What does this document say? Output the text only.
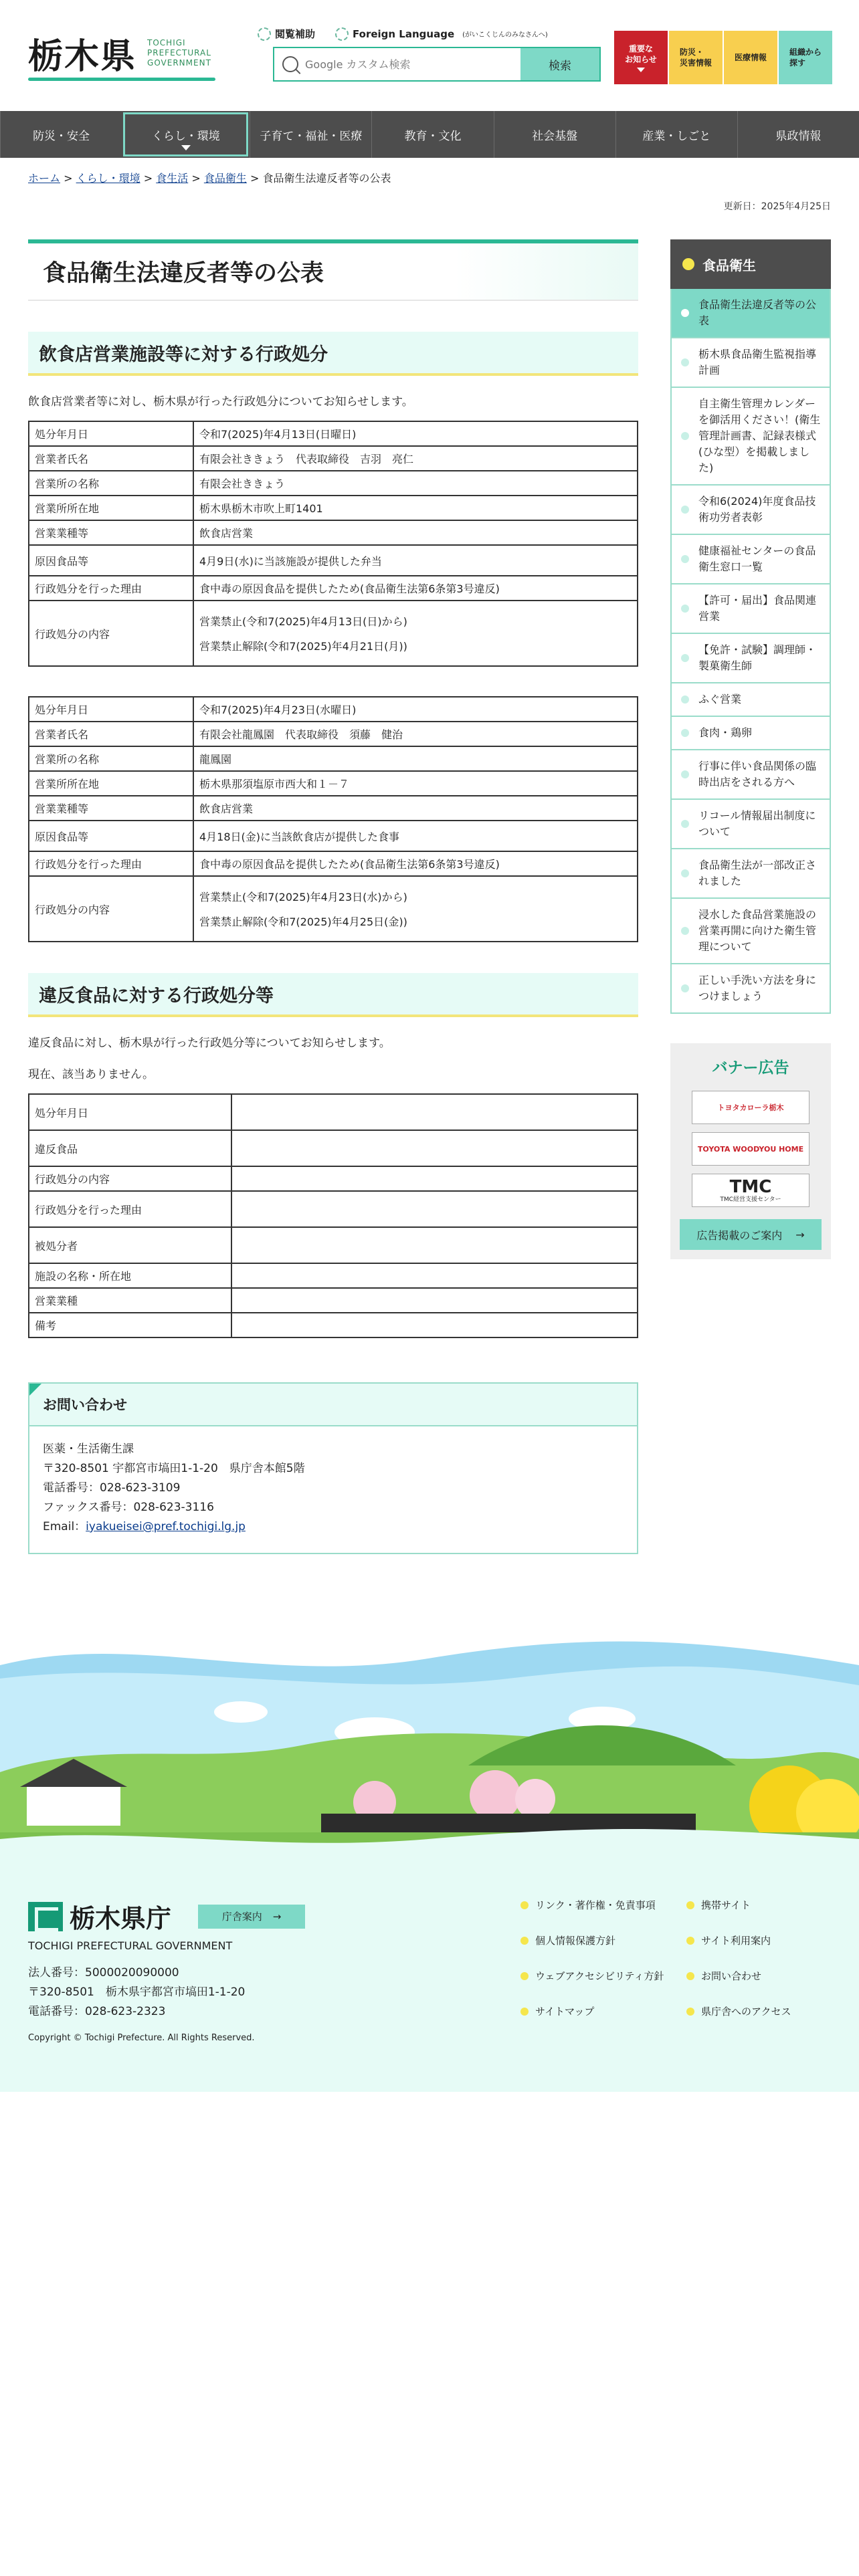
栃木県 TOCHIGI
PREFECTURAL
GOVERNMENT
閲覧補助	Foreign Language (がいこくじんのみなさんへ)
Google カスタム検索
検索
重要な
お知らせ
防災・
災害情報
医療情報
組織から
探す
防災・安全	くらし・環境	子育て・福祉・医療	教育・文化	社会基盤	産業・しごと	県政情報
ホーム > くらし・環境 > 食生活 > 食品衛生 > 食品衛生法違反者等の公表
更新日：2025年4月25日
食品衛生法違反者等の公表
飲食店営業施設等に対する行政処分

飲食店営業者等に対し、栃木県が行った行政処分についてお知らせします。

処分年月日	令和7(2025)年4月13日(日曜日)
営業者氏名	有限会社ききょう　代表取締役　吉羽　亮仁
営業所の名称	有限会社ききょう
営業所所在地	栃木県栃木市吹上町1401
営業業種等	飲食店営業
原因食品等	4月9日(水)に当該施設が提供した弁当
行政処分を行った理由	食中毒の原因食品を提供したため(食品衛生法第6条第3号違反)
行政処分の内容	営業禁止(令和7(2025)年4月13日(日)から)
営業禁止解除(令和7(2025)年4月21日(月))
処分年月日	令和7(2025)年4月23日(水曜日)
営業者氏名	有限会社龍鳳園　代表取締役　須藤　健治
営業所の名称	龍鳳園
営業所所在地	栃木県那須塩原市西大和１－７
営業業種等	飲食店営業
原因食品等	4月18日(金)に当該飲食店が提供した食事
行政処分を行った理由	食中毒の原因食品を提供したため(食品衛生法第6条第3号違反)
行政処分の内容	営業禁止(令和7(2025)年4月23日(水)から)
営業禁止解除(令和7(2025)年4月25日(金))
違反食品に対する行政処分等

違反食品に対し、栃木県が行った行政処分等についてお知らせします。

現在、該当ありません。

処分年月日	
違反食品	
行政処分の内容	
行政処分を行った理由	
被処分者	
施設の名称・所在地	
営業業種	
備考	
お問い合わせ
医薬・生活衛生課
〒320-8501 宇都宮市塙田1-1-20　県庁舎本館5階
電話番号：028-623-3109
ファックス番号：028-623-3116
Email：iyakueisei@pref.tochigi.lg.jp
食品衛生
食品衛生法違反者等の公表
栃木県食品衛生監視指導計画
自主衛生管理カレンダーを御活用ください！(衛生管理計画書、記録表様式(ひな型）を掲載しました)
令和6(2024)年度食品技術功労者表彰
健康福祉センターの食品衛生窓口一覧
【許可・届出】食品関連営業
【免許・試験】調理師・製菓衛生師
ふぐ営業
食肉・鶏卵
行事に伴い食品関係の臨時出店をされる方へ
リコール情報届出制度について
食品衛生法が一部改正されました
浸水した食品営業施設の営業再開に向けた衛生管理について
正しい手洗い方法を身につけましょう
バナー広告
トヨタカローラ栃木
TOYOTA WOODYOU HOME
TMC
TMC経営支援センター
広告掲載のご案内 →
栃木県庁	庁舎案内 →
TOCHIGI PREFECTURAL GOVERNMENT
法人番号：5000020090000
〒320-8501　栃木県宇都宮市塙田1-1-20
電話番号：028-623-2323
Copyright © Tochigi Prefecture. All Rights Reserved.
リンク・著作権・免責事項	携帯サイト
個人情報保護方針	サイト利用案内
ウェブアクセシビリティ方針	お問い合わせ
サイトマップ	県庁舎へのアクセス
